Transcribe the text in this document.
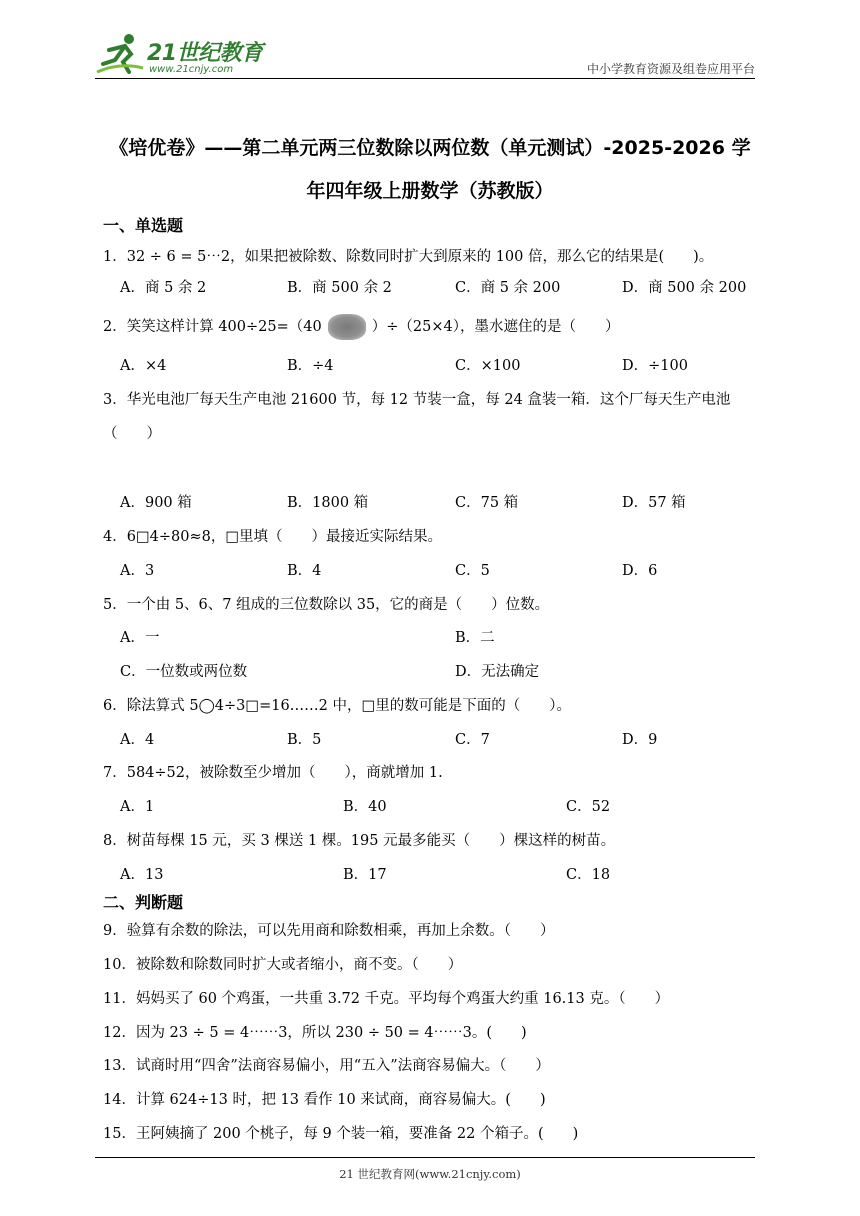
21世纪教育
www.21cnjy.com	中小学教育资源及组卷应用平台
《培优卷》——第二单元两三位数除以两位数（单元测试）-2025-2026 学
年四年级上册数学（苏教版）
一、单选题
1．32 ÷ 6 = 5⋯2，如果把被除数、除数同时扩大到原来的 100 倍，那么它的结果是(　　)。
A．商 5 余 2	B．商 500 余 2	C．商 5 余 200	D．商 500 余 200
2．笑笑这样计算 400÷25=（40	）÷（25×4），墨水遮住的是（　　）
A．×4	B．÷4	C．×100	D．÷100
3．华光电池厂每天生产电池 21600 节，每 12 节装一盒，每 24 盒装一箱．这个厂每天生产电池
（　　）
A．900 箱	B．1800 箱	C．75 箱	D．57 箱
4．6□4÷80≈8，□里填（　　）最接近实际结果。
A．3	B．4	C．5	D．6
5．一个由 5、6、7 组成的三位数除以 35，它的商是（　　）位数。
A．一	B．二
C．一位数或两位数	D．无法确定
6．除法算式 5◯4÷3□=16……2 中，□里的数可能是下面的（　　）。
A．4	B．5	C．7	D．9
7．584÷52，被除数至少增加（　　），商就增加 1.
A．1	B．40	C．52
8．树苗每棵 15 元，买 3 棵送 1 棵。195 元最多能买（　　）棵这样的树苗。
A．13	B．17	C．18
二、判断题
9．验算有余数的除法，可以先用商和除数相乘，再加上余数。（　　）
10．被除数和除数同时扩大或者缩小，商不变。（　　）
11．妈妈买了 60 个鸡蛋，一共重 3.72 千克。平均每个鸡蛋大约重 16.13 克。（　　）
12．因为 23 ÷ 5 = 4⋯⋯3，所以 230 ÷ 50 = 4⋯⋯3。(　　)
13．试商时用“四舍”法商容易偏小，用“五入”法商容易偏大。（　　）
14．计算 624÷13 时，把 13 看作 10 来试商，商容易偏大。(　　)
15．王阿姨摘了 200 个桃子，每 9 个装一箱，要准备 22 个箱子。(　　)
21 世纪教育网(www.21cnjy.com)
